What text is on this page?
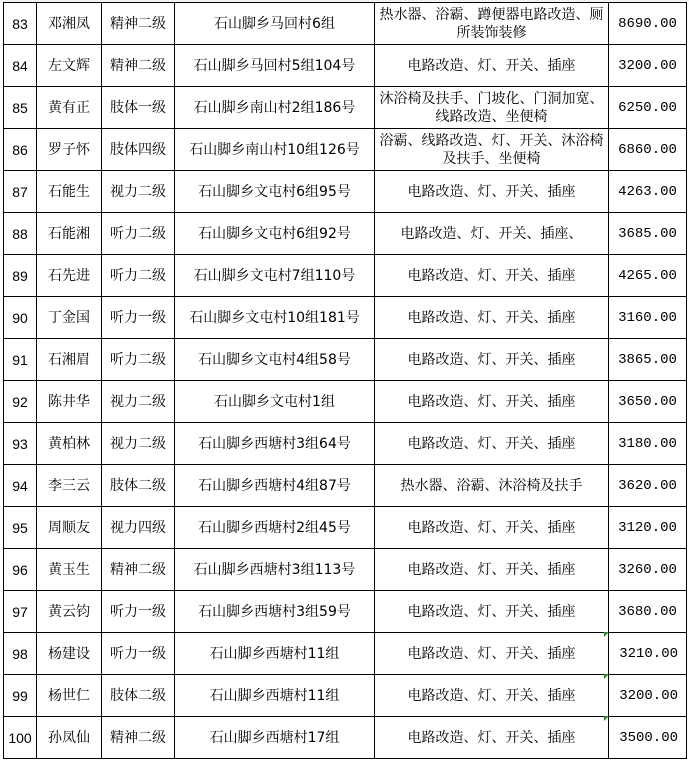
83	邓湘凤	精神二级	石山脚乡马回村6组	热水器、浴霸、蹲便器电路改造、厕所装饰装修	8690.00
84	左文辉	精神二级	石山脚乡马回村5组104号	电路改造、灯、开关、插座	3200.00
85	黄有正	肢体一级	石山脚乡南山村2组186号	沐浴椅及扶手、门坡化、门洞加宽、线路改造、坐便椅	6250.00
86	罗子怀	肢体四级	石山脚乡南山村10组126号	浴霸、线路改造、灯、开关、沐浴椅及扶手、坐便椅	6860.00
87	石能生	视力二级	石山脚乡文屯村6组95号	电路改造、灯、开关、插座	4263.00
88	石能湘	听力二级	石山脚乡文屯村6组92号	电路改造、灯、开关、插座、	3685.00
89	石先进	听力二级	石山脚乡文屯村7组110号	电路改造、灯、开关、插座	4265.00
90	丁金国	听力一级	石山脚乡文屯村10组181号	电路改造、灯、开关、插座	3160.00
91	石湘眉	听力二级	石山脚乡文屯村4组58号	电路改造、灯、开关、插座	3865.00
92	陈井华	视力二级	石山脚乡文屯村1组	电路改造、灯、开关、插座	3650.00
93	黄柏林	视力二级	石山脚乡西塘村3组64号	电路改造、灯、开关、插座	3180.00
94	李三云	肢体二级	石山脚乡西塘村4组87号	热水器、浴霸、沐浴椅及扶手	3620.00
95	周顺友	视力四级	石山脚乡西塘村2组45号	电路改造、灯、开关、插座	3120.00
96	黄玉生	精神二级	石山脚乡西塘村3组113号	电路改造、灯、开关、插座	3260.00
97	黄云钧	听力一级	石山脚乡西塘村3组59号	电路改造、灯、开关、插座	3680.00
98	杨建设	听力一级	石山脚乡西塘村11组	电路改造、灯、开关、插座	3210.00
99	杨世仁	肢体二级	石山脚乡西塘村11组	电路改造、灯、开关、插座	3200.00
100	孙凤仙	精神二级	石山脚乡西塘村17组	电路改造、灯、开关、插座	3500.00
